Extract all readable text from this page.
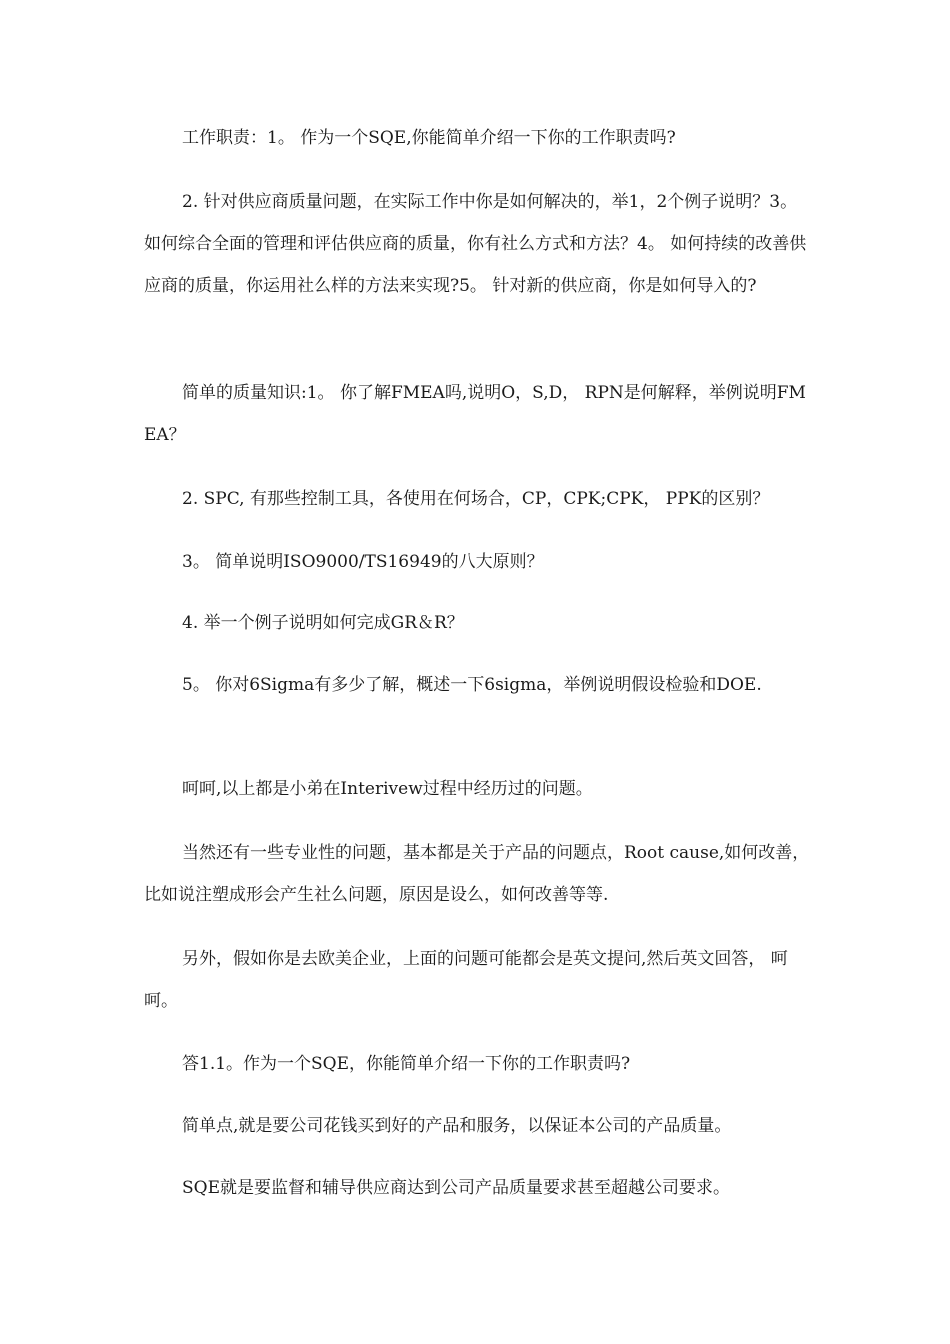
工作职责：1。 作为一个SQE,你能简单介绍一下你的工作职责吗?

2. 针对供应商质量问题，在实际工作中你是如何解决的，举1，2个例子说明？3。 如何综合全面的管理和评估供应商的质量，你有社么方式和方法？4。 如何持续的改善供应商的质量，你运用社么样的方法来实现?5。 针对新的供应商，你是如何导入的?

简单的质量知识:1。 你了解FMEA吗,说明O，S,D， RPN是何解释，举例说明FMEA？

2. SPC, 有那些控制工具，各使用在何场合，CP，CPK;CPK， PPK的区别？

3。 简单说明ISO9000/TS16949的八大原则？

4. 举一个例子说明如何完成GR＆R？

5。 你对6Sigma有多少了解，概述一下6sigma，举例说明假设检验和DOE.

呵呵,以上都是小弟在Interivew过程中经历过的问题。

当然还有一些专业性的问题，基本都是关于产品的问题点，Root cause,如何改善，比如说注塑成形会产生社么问题，原因是设么，如何改善等等.

另外，假如你是去欧美企业，上面的问题可能都会是英文提问,然后英文回答， 呵呵。

答1.1。作为一个SQE，你能简单介绍一下你的工作职责吗?

简单点,就是要公司花钱买到好的产品和服务，以保证本公司的产品质量。

SQE就是要监督和辅导供应商达到公司产品质量要求甚至超越公司要求。
